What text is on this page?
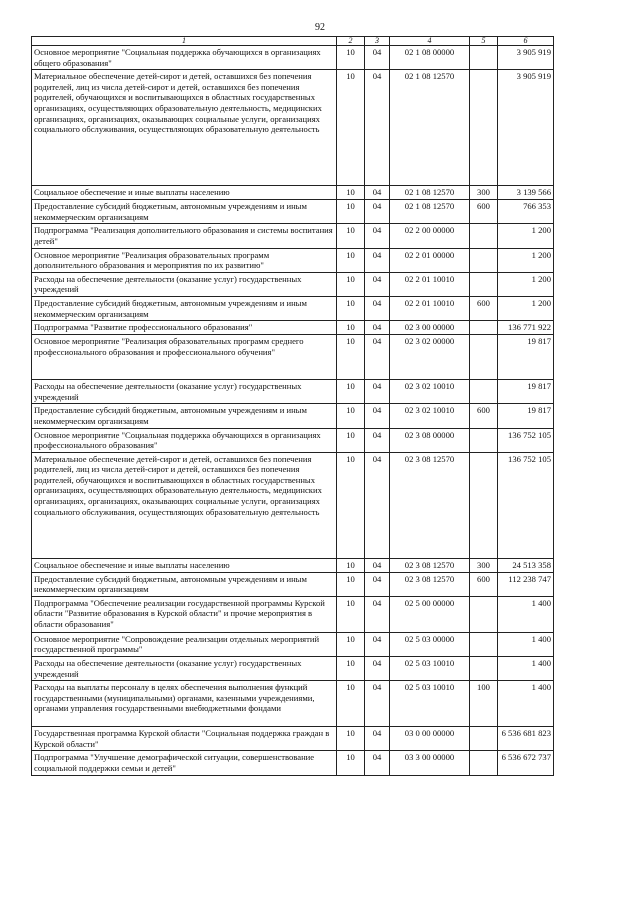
92
1	2	3	4	5	6
Основное мероприятие "Социальная поддержка обучающихся в организациях общего образования"	10	04	02 1 08 00000		3 905 919
Материальное обеспечение детей-сирот и детей, оставшихся без попечения родителей, лиц из числа детей-сирот и детей, оставшихся без попечения родителей, обучающихся и воспитывающихся в областных государственных организациях, осуществляющих образовательную деятельность, медицинских организациях, организациях, оказывающих социальные услуги, организациях социального обслуживания, осуществляющих образовательную деятельность	10	04	02 1 08 12570		3 905 919
Социальное обеспечение и иные выплаты населению	10	04	02 1 08 12570	300	3 139 566
Предоставление субсидий бюджетным, автономным учреждениям и иным некоммерческим организациям	10	04	02 1 08 12570	600	766 353
Подпрограмма "Реализация дополнительного образования и системы воспитания детей"	10	04	02 2 00 00000		1 200
Основное мероприятие "Реализация образовательных программ дополнительного образования и мероприятия по их развитию"	10	04	02 2 01 00000		1 200
Расходы на обеспечение деятельности (оказание услуг) государственных учреждений	10	04	02 2 01 10010		1 200
Предоставление субсидий бюджетным, автономным учреждениям и иным некоммерческим организациям	10	04	02 2 01 10010	600	1 200
Подпрограмма "Развитие профессионального образования"	10	04	02 3 00 00000		136 771 922
Основное мероприятие "Реализация образовательных программ среднего профессионального образования и профессионального обучения"	10	04	02 3 02 00000		19 817
Расходы на обеспечение деятельности (оказание услуг) государственных учреждений	10	04	02 3 02 10010		19 817
Предоставление субсидий бюджетным, автономным учреждениям и иным некоммерческим организациям	10	04	02 3 02 10010	600	19 817
Основное мероприятие "Социальная поддержка обучающихся в организациях профессионального образования"	10	04	02 3 08 00000		136 752 105
Материальное обеспечение детей-сирот и детей, оставшихся без попечения родителей, лиц из числа детей-сирот и детей, оставшихся без попечения родителей, обучающихся и воспитывающихся в областных государственных организациях, осуществляющих образовательную деятельность, медицинских организациях, организациях, оказывающих социальные услуги, организациях социального обслуживания, осуществляющих образовательную деятельность	10	04	02 3 08 12570		136 752 105
Социальное обеспечение и иные выплаты населению	10	04	02 3 08 12570	300	24 513 358
Предоставление субсидий бюджетным, автономным учреждениям и иным некоммерческим организациям	10	04	02 3 08 12570	600	112 238 747
Подпрограмма "Обеспечение реализации государственной программы Курской области "Развитие образования в Курской области" и прочие мероприятия в области образования"	10	04	02 5 00 00000		1 400
Основное мероприятие "Сопровождение реализации отдельных мероприятий государственной программы"	10	04	02 5 03 00000		1 400
Расходы на обеспечение деятельности (оказание услуг) государственных учреждений	10	04	02 5 03 10010		1 400
Расходы на выплаты персоналу в целях обеспечения выполнения функций государственными (муниципальными) органами, казенными учреждениями, органами управления государственными внебюджетными фондами	10	04	02 5 03 10010	100	1 400
Государственная программа Курской области "Социальная поддержка граждан в Курской области"	10	04	03 0 00 00000		6 536 681 823
Подпрограмма "Улучшение демографической ситуации, совершенствование социальной поддержки семьи и детей"	10	04	03 3 00 00000		6 536 672 737
